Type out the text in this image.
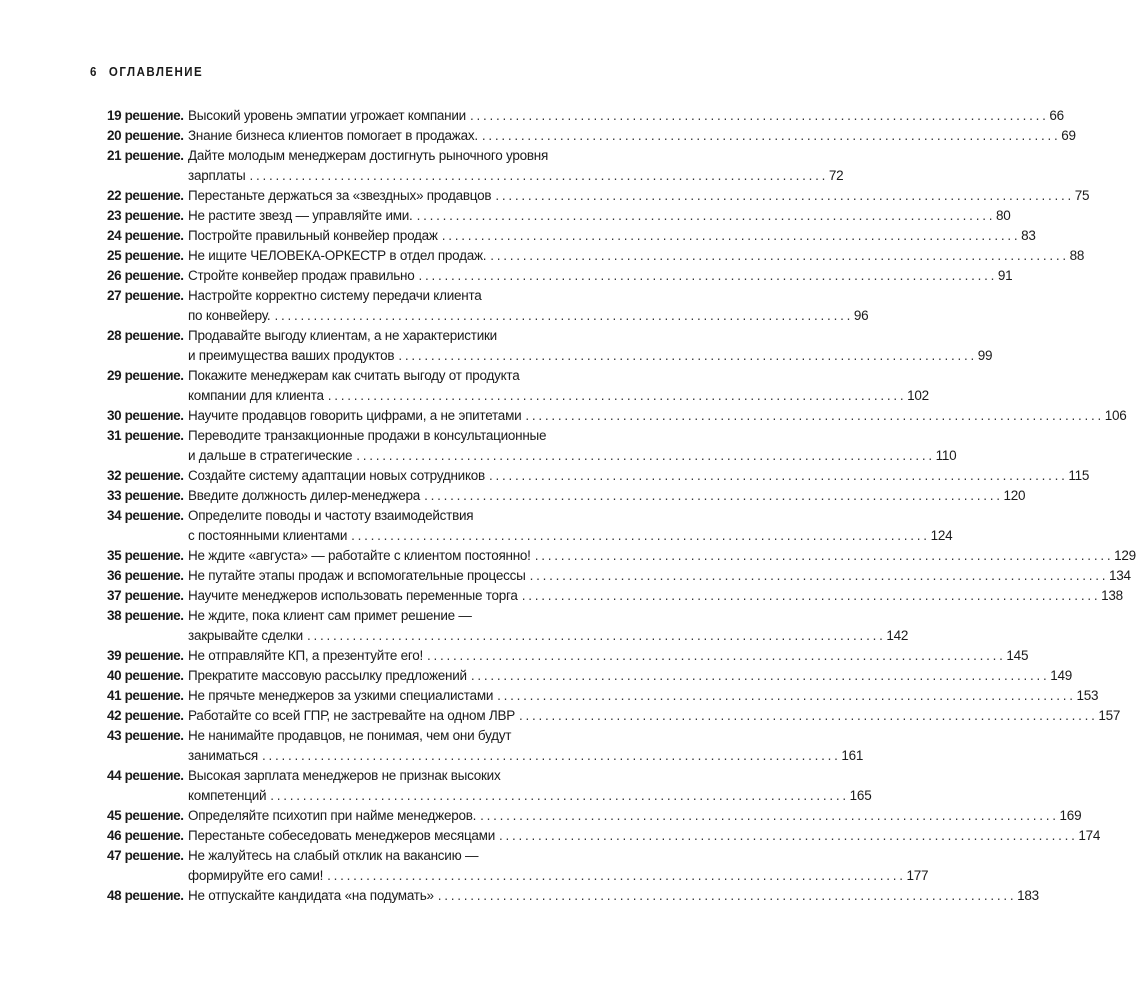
6 ОГЛАВЛЕНИЕ
19 решение. Высокий уровень эмпатии угрожает компании . . .	66
20 решение. Знание бизнеса клиентов помогает в продажах. . . .	69
21 решение. Дайте молодым менеджерам достигнуть рыночного уровня
зарплаты . . .	72
22 решение. Перестаньте держаться за «звездных» продавцов . . .	75
23 решение. Не растите звезд — управляйте ими. . . .	80
24 решение. Постройте правильный конвейер продаж . . .	83
25 решение. Не ищите ЧЕЛОВЕКА-ОРКЕСТР в отдел продаж. . . .	88
26 решение. Стройте конвейер продаж правильно . . .	91
27 решение. Настройте корректно систему передачи клиента
по конвейеру. . . .	96
28 решение. Продавайте выгоду клиентам, а не характеристики
и преимущества ваших продуктов . . .	99
29 решение. Покажите менеджерам как считать выгоду от продукта
компании для клиента . . .	102
30 решение. Научите продавцов говорить цифрами, а не эпитетами . . .	106
31 решение. Переводите транзакционные продажи в консультационные
и дальше в стратегические . . .	110
32 решение. Создайте систему адаптации новых сотрудников . . .	115
33 решение. Введите должность дилер-менеджера . . .	120
34 решение. Определите поводы и частоту взаимодействия
с постоянными клиентами . . .	124
35 решение. Не ждите «августа» — работайте с клиентом постоянно! . . .	129
36 решение. Не путайте этапы продаж и вспомогательные процессы . . .	134
37 решение. Научите менеджеров использовать переменные торга . . .	138
38 решение. Не ждите, пока клиент сам примет решение —
закрывайте сделки . . .	142
39 решение. Не отправляйте КП, а презентуйте его! . . .	145
40 решение. Прекратите массовую рассылку предложений . . .	149
41 решение. Не прячьте менеджеров за узкими специалистами . . .	153
42 решение. Работайте со всей ГПР, не застревайте на одном ЛВР . . .	157
43 решение. Не нанимайте продавцов, не понимая, чем они будут
заниматься . . .	161
44 решение. Высокая зарплата менеджеров не признак высоких
компетенций . . .	165
45 решение. Определяйте психотип при найме менеджеров. . . .	169
46 решение. Перестаньте собеседовать менеджеров месяцами . . .	174
47 решение. Не жалуйтесь на слабый отклик на вакансию —
формируйте его сами! . . .	177
48 решение. Не отпускайте кандидата «на подумать» . . .	183
